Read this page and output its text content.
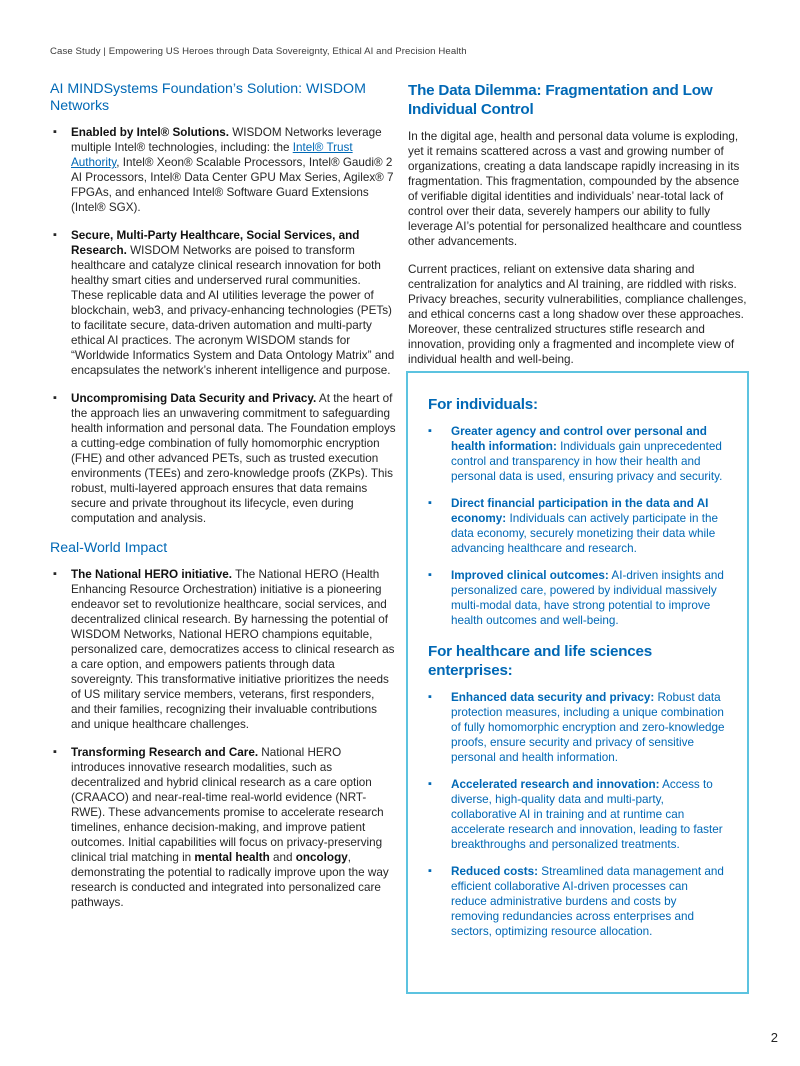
Case Study | Empowering US Heroes through Data Sovereignty, Ethical AI and Precision Health
AI MINDSystems Foundation’s Solution: WISDOM Networks
▪ Enabled by Intel® Solutions. WISDOM Networks leverage multiple Intel® technologies, including: the Intel® Trust Authority, Intel® Xeon® Scalable Processors, Intel® Gaudi® 2 AI Processors, Intel® Data Center GPU Max Series, Agilex® 7 FPGAs, and enhanced Intel® Software Guard Extensions (Intel® SGX).
▪ Secure, Multi-Party Healthcare, Social Services, and Research. WISDOM Networks are poised to transform healthcare and catalyze clinical research innovation for both healthy smart cities and underserved rural communities. These replicable data and AI utilities leverage the power of blockchain, web3, and privacy-enhancing technologies (PETs) to facilitate secure, data-driven automation and multi-party ethical AI practices. The acronym WISDOM stands for “Worldwide Informatics System and Data Ontology Matrix” and encapsulates the network’s inherent intelligence and purpose.
▪ Uncompromising Data Security and Privacy. At the heart of the approach lies an unwavering commitment to safeguarding health information and personal data. The Foundation employs a cutting-edge combination of fully homomorphic encryption (FHE) and other advanced PETs, such as trusted execution environments (TEEs) and zero-knowledge proofs (ZKPs). This robust, multi-layered approach ensures that data remains secure and private throughout its lifecycle, even during computation and analysis.
Real-World Impact
▪ The National HERO initiative. The National HERO (Health Enhancing Resource Orchestration) initiative is a pioneering endeavor set to revolutionize healthcare, social services, and decentralized clinical research. By harnessing the potential of WISDOM Networks, National HERO champions equitable, personalized care, democratizes access to clinical research as a care option, and empowers patients through data sovereignty. This transformative initiative prioritizes the needs of US military service members, veterans, first responders, and their families, recognizing their invaluable contributions and unique healthcare challenges.
▪ Transforming Research and Care. National HERO introduces innovative research modalities, such as decentralized and hybrid clinical research as a care option (CRAACO) and near-real-time real-world evidence (NRT-RWE). These advancements promise to accelerate research timelines, enhance decision-making, and improve patient outcomes. Initial capabilities will focus on privacy-preserving clinical trial matching in mental health and oncology, demonstrating the potential to radically improve upon the way research is conducted and integrated into personalized care pathways.
The Data Dilemma: Fragmentation and Low Individual Control

In the digital age, health and personal data volume is exploding, yet it remains scattered across a vast and growing number of organizations, creating a data landscape rapidly increasing in its fragmentation. This fragmentation, compounded by the absence of verifiable digital identities and individuals’ near-total lack of control over their data, severely hampers our ability to fully leverage AI’s potential for personalized healthcare and countless other advancements.

Current practices, reliant on extensive data sharing and centralization for analytics and AI training, are riddled with risks. Privacy breaches, security vulnerabilities, compliance challenges, and ethical concerns cast a long shadow over these approaches. Moreover, these centralized structures stifle research and innovation, providing only a fragmented and incomplete view of individual health and well-being.

For individuals:
▪ Greater agency and control over personal and health information: Individuals gain unprecedented control and transparency in how their health and personal data is used, ensuring privacy and security.
▪ Direct financial participation in the data and AI economy: Individuals can actively participate in the data economy, securely monetizing their data while advancing healthcare and research.
▪ Improved clinical outcomes: AI-driven insights and personalized care, powered by individual massively multi-modal data, have strong potential to improve health outcomes and well-being.
For healthcare and life sciences enterprises:
▪ Enhanced data security and privacy: Robust data protection measures, including a unique combination of fully homomorphic encryption and zero-knowledge proofs, ensure security and privacy of sensitive personal and health information.
▪ Accelerated research and innovation: Access to diverse, high-quality data and multi-party, collaborative AI in training and at runtime can accelerate research and innovation, leading to faster breakthroughs and personalized treatments.
▪ Reduced costs: Streamlined data management and efficient collaborative AI-driven processes can reduce administrative burdens and costs by removing redundancies across enterprises and sectors, optimizing resource allocation.
2
